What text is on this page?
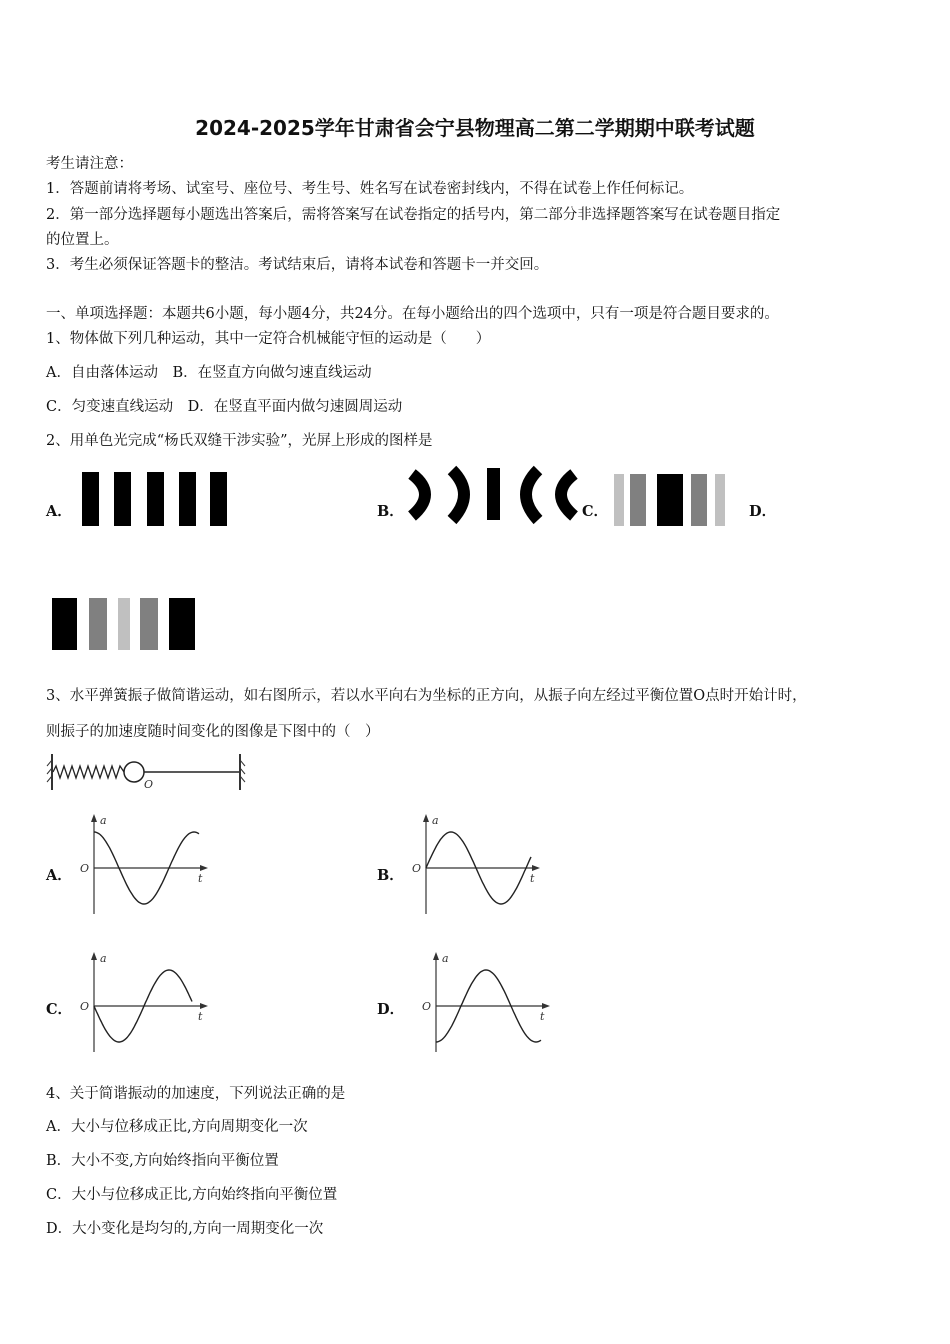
2024-2025学年甘肃省会宁县物理高二第二学期期中联考试题
考生请注意：
1．答题前请将考场、试室号、座位号、考生号、姓名写在试卷密封线内，不得在试卷上作任何标记。
2．第一部分选择题每小题选出答案后，需将答案写在试卷指定的括号内，第二部分非选择题答案写在试卷题目指定
的位置上。
3．考生必须保证答题卡的整洁。考试结束后，请将本试卷和答题卡一并交回。
一、单项选择题：本题共6小题，每小题4分，共24分。在每小题给出的四个选项中，只有一项是符合题目要求的。
1、物体做下列几种运动，其中一定符合机械能守恒的运动是（　　）
A．自由落体运动　B．在竖直方向做匀速直线运动
C．匀变速直线运动　D．在竖直平面内做匀速圆周运动
2、用单色光完成“杨氏双缝干涉实验”，光屏上形成的图样是
A．	B．	C．	D．
3、水平弹簧振子做简谐运动，如右图所示，若以水平向右为坐标的正方向，从振子向左经过平衡位置O点时开始计时，
则振子的加速度随时间变化的图像是下图中的（　）
O
A．
a
t
O	B．
a
t
O
C．
a
t
O	D．
a
t
O
4、关于简谐振动的加速度，下列说法正确的是
A．大小与位移成正比,方向周期变化一次
B．大小不变,方向始终指向平衡位置
C．大小与位移成正比,方向始终指向平衡位置
D．大小变化是均匀的,方向一周期变化一次
